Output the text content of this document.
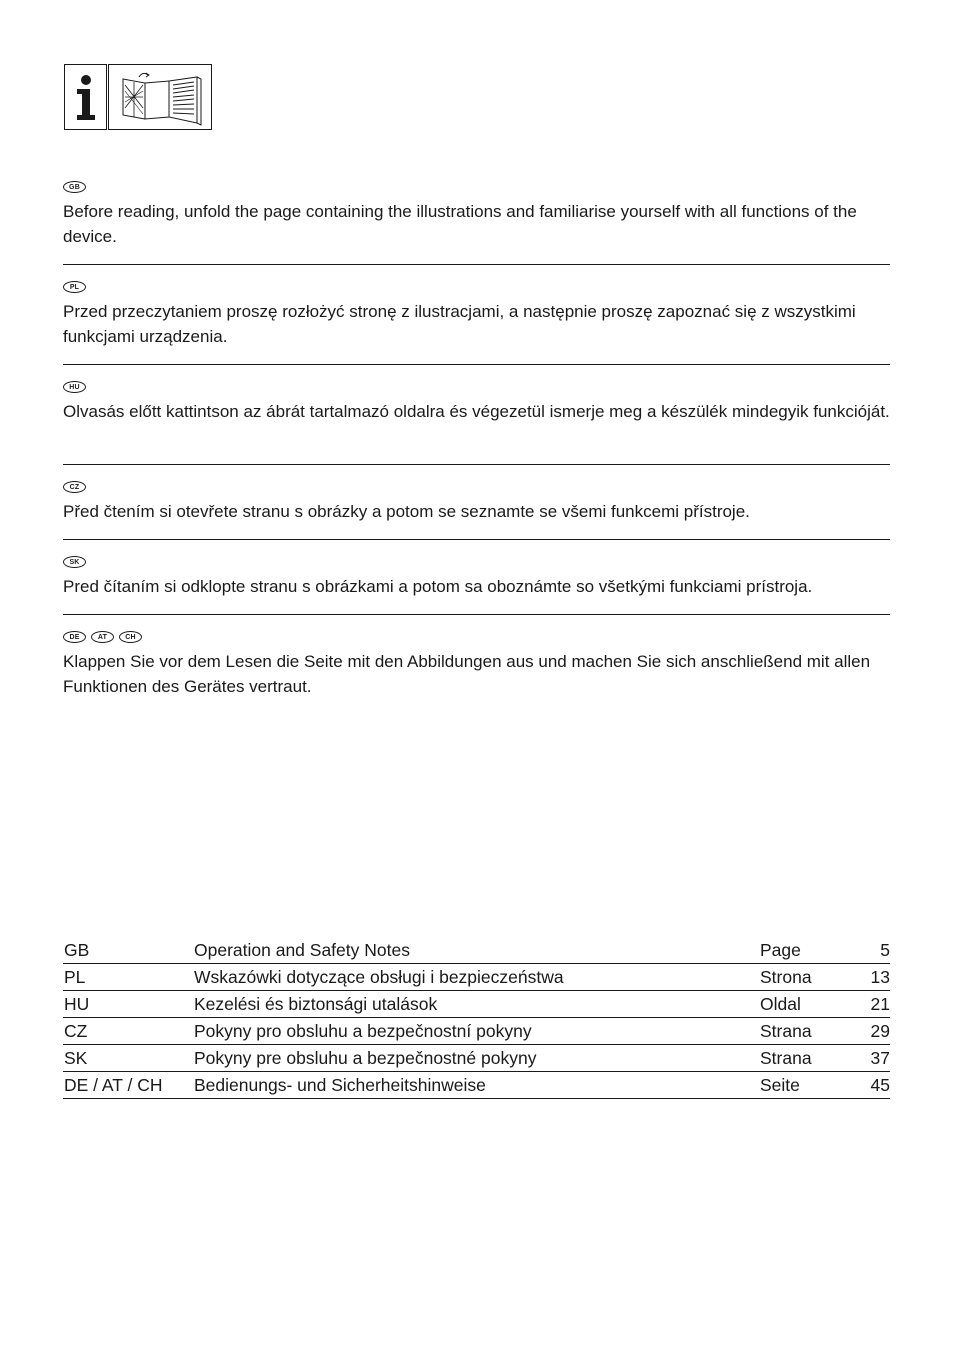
GB

Before reading, unfold the page containing the illustrations and familiarise yourself with all functions of the device.

PL

Przed przeczytaniem proszę rozłożyć stronę z ilustracjami, a następnie proszę zapoznać się z wszystkimi funkcjami urządzenia.

HU

Olvasás előtt kattintson az ábrát tartalmazó oldalra és végezetül ismerje meg a készülék mindegyik funkcióját.

CZ

Před čtením si otevřete stranu s obrázky a potom se seznamte se všemi funkcemi přístroje.

SK

Pred čítaním si odklopte stranu s obrázkami a potom sa oboznámte so všetkými funkciami prístroja.

DE	AT	CH

Klappen Sie vor dem Lesen die Seite mit den Abbildungen aus und machen Sie sich anschließend mit allen Funktionen des Gerätes vertraut.

GB	Operation and Safety Notes	Page	5
PL	Wskazówki dotyczące obsługi i bezpieczeństwa	Strona	13
HU	Kezelési és biztonsági utalások	Oldal	21
CZ	Pokyny pro obsluhu a bezpečnostní pokyny	Strana	29
SK	Pokyny pre obsluhu a bezpečnostné pokyny	Strana	37
DE / AT / CH	Bedienungs- und Sicherheitshinweise	Seite	45
